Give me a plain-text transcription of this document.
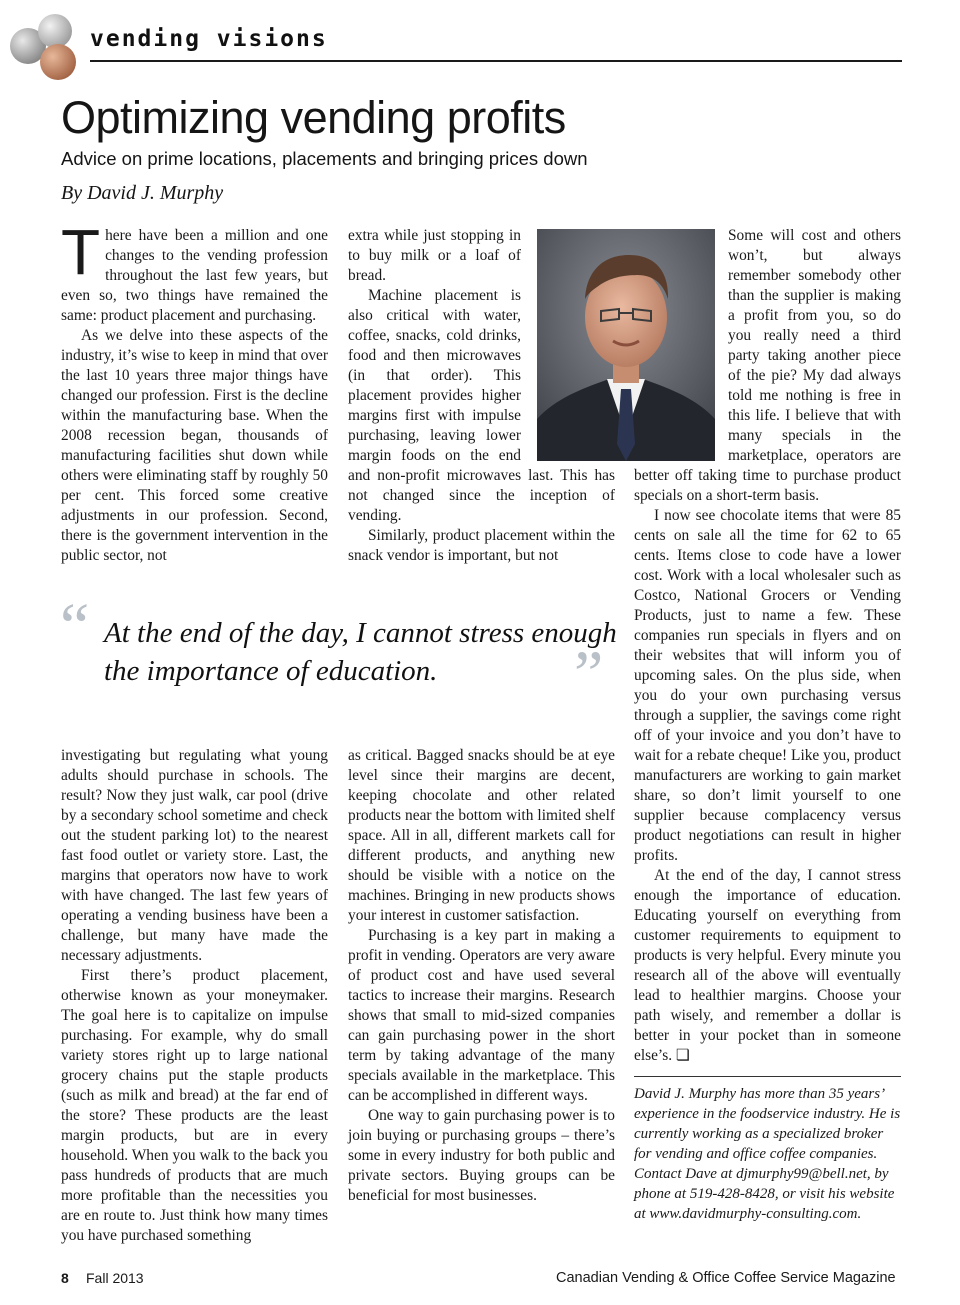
vending visions
Optimizing vending profits

Advice on prime locations, placements and bringing prices down

By David J. Murphy

There have been a million and one changes to the vending profession throughout the last few years, but even so, two things have remained the same: product placement and purchasing.

As we delve into these aspects of the industry, it’s wise to keep in mind that over the last 10 years three major things have changed our profession. First is the decline within the manufacturing base. When the 2008 recession began, thousands of manufacturing facilities shut down while others were eliminating staff by roughly 50 per cent. This forced some creative adjustments in our profession. Second, there is the government intervention in the public sector, not

extra while just stopping in to buy milk or a loaf of bread.

Machine placement is also critical with water, coffee, snacks, cold drinks, food and then microwaves (in that order). This placement provides higher margins first with impulse purchasing, leaving lower margin foods on the end and non-profit microwaves last. This has not changed since the inception of vending.

Similarly, product placement within the snack vendor is important, but not

Some will cost and others won’t, but always remember somebody other than the supplier is making a profit from you, so do you really need a third party taking another piece of the pie? My dad always told me nothing is free in this life. I believe that with many specials in the marketplace, operators are better off taking time to purchase product specials on a short-term basis.

I now see chocolate items that were 85 cents on sale all the time for 62 to 65 cents. Items close to code have a lower cost. Work with a local wholesaler such as Costco, National Grocers or Vending Products, just to name a few. These companies run specials in flyers and on their websites that will inform you of upcoming sales. On the plus side, when you do your own purchasing versus through a supplier, the savings come right off of your invoice and you don’t have to wait for a rebate cheque! Like you, product manufacturers are working to gain market share, so don’t limit yourself to one supplier because complacency versus product negotiations can result in higher profits.

At the end of the day, I cannot stress enough the importance of education. Educating yourself on everything from customer requirements to equipment to products is very helpful. Every minute you research all of the above will eventually lead to healthier margins. Choose your path wisely, and remember a dollar is better in your pocket than in someone else’s. ❏

“ At the end of the day, I cannot stress enough the importance of education.	”

investigating but regulating what young adults should purchase in schools. The result? Now they just walk, car pool (drive by a secondary school sometime and check out the student parking lot) to the nearest fast food outlet or variety store. Last, the margins that operators now have to work with have changed. The last few years of operating a vending business have been a challenge, but many have made the necessary adjustments.

First there’s product placement, otherwise known as your moneymaker. The goal here is to capitalize on impulse purchasing. For example, why do small variety stores right up to large national grocery chains put the staple products (such as milk and bread) at the far end of the store? These products are the least margin products, but are in every household. When you walk to the back you pass hundreds of products that are much more profitable than the necessities you are en route to. Just think how many times you have purchased something

as critical. Bagged snacks should be at eye level since their margins are decent, keeping chocolate and other related products near the bottom with limited shelf space. All in all, different markets call for different products, and anything new should be visible with a notice on the machines. Bringing in new products shows your interest in customer satisfaction.

Purchasing is a key part in making a profit in vending. Operators are very aware of product cost and have used several tactics to increase their margins. Research shows that small to mid-sized companies can gain purchasing power in the short term by taking advantage of the many specials available in the marketplace. This can be accomplished in different ways.

One way to gain purchasing power is to join buying or purchasing groups – there’s some in every industry for both public and private sectors. Buying groups can be beneficial for most businesses.

David J. Murphy has more than 35 years’ experience in the foodservice industry. He is currently working as a specialized broker for vending and office coffee companies. Contact Dave at djmurphy99@bell.net, by phone at 519-428-8428, or visit his website at www.davidmurphy-consulting.com.
8 Fall 2013	Canadian Vending & Office Coffee Service Magazine
